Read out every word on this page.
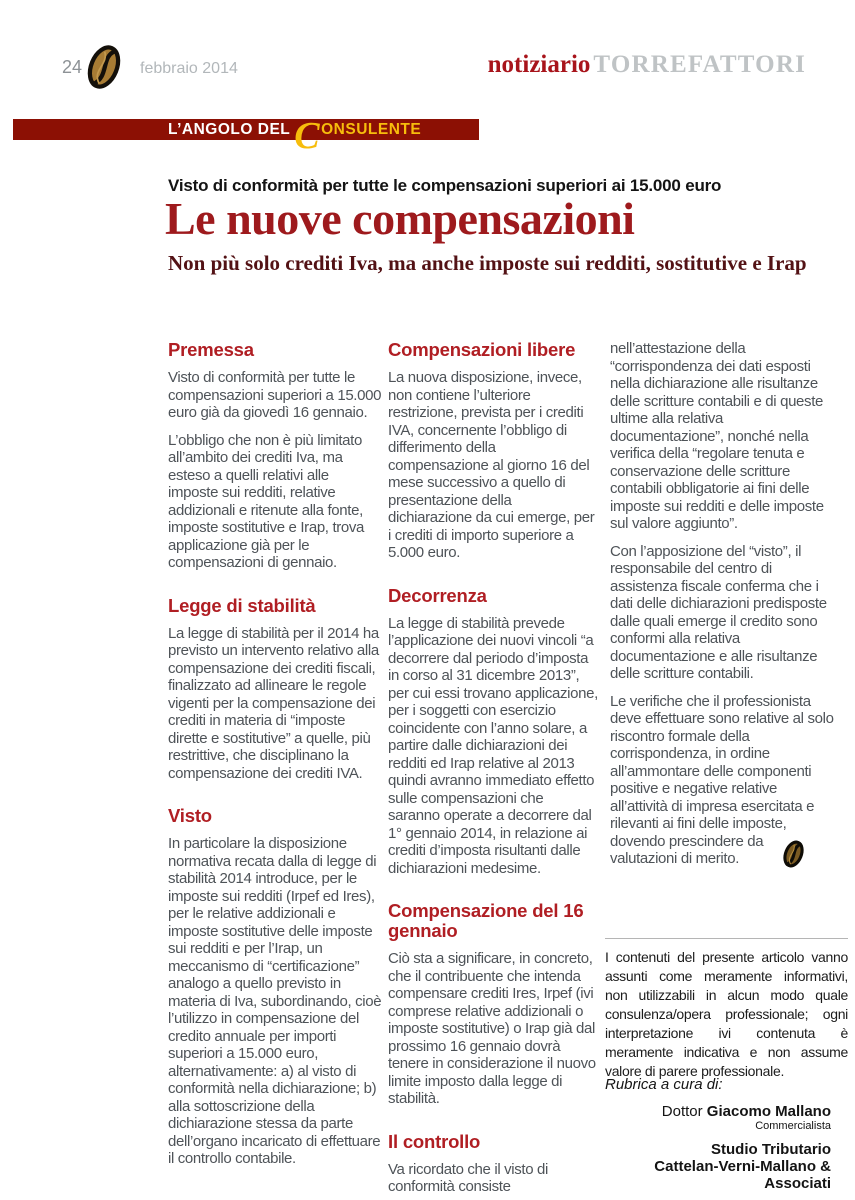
24	febbraio 2014	notiziario TORREFATTORI
L’ANGOLO DEL C ONSULENTE
Visto di conformità per tutte le compensazioni superiori ai 15.000 euro
Le nuove compensazioni
Non più solo crediti Iva, ma anche imposte sui redditi, sostitutive e Irap
Premessa

Visto di conformità per tutte le compensazioni superiori a 15.000 euro già da giovedì 16 gennaio.

L’obbligo che non è più limitato all’ambito dei crediti Iva, ma esteso a quelli relativi alle imposte sui redditi, relative addizionali e ritenute alla fonte, imposte sostitutive e Irap, trova applicazione già per le compensazioni di gennaio.

Legge di stabilità

La legge di stabilità per il 2014 ha previsto un intervento relativo alla compensazione dei crediti fiscali, finalizzato ad allineare le regole vigenti per la compensazione dei crediti in materia di “imposte dirette e sostitutive” a quelle, più restrittive, che disciplinano la compensazione dei crediti IVA.

Visto

In particolare la disposizione normativa recata dalla di legge di stabilità 2014 introduce, per le imposte sui redditi (Irpef ed Ires), per le relative addizionali e imposte sostitutive delle imposte sui redditi e per l’Irap, un meccanismo di “certificazione” analogo a quello previsto in materia di Iva, subordinando, cioè l’utilizzo in compensazione del credito annuale per importi superiori a 15.000 euro, alternativamente: a) al visto di conformità nella dichiarazione; b) alla sottoscrizione della dichiarazione stessa da parte dell’organo incaricato di effettuare il controllo contabile.

Compensazioni libere

La nuova disposizione, invece, non contiene l’ulteriore restrizione, prevista per i crediti IVA, concernente l’obbligo di differimento della compensazione al giorno 16 del mese successivo a quello di presentazione della dichiarazione da cui emerge, per i crediti di importo superiore a 5.000 euro.

Decorrenza

La legge di stabilità prevede l’applicazione dei nuovi vincoli “a decorrere dal periodo d’imposta in corso al 31 dicembre 2013”, per cui essi trovano applicazione, per i soggetti con esercizio coincidente con l’anno solare, a partire dalle dichiarazioni dei redditi ed Irap relative al 2013 quindi avranno immediato effetto sulle compensazioni che saranno operate a decorrere dal 1° gennaio 2014, in relazione ai crediti d’imposta risultanti dalle dichiarazioni medesime.

Compensazione del 16 gennaio

Ciò sta a significare, in concreto, che il contribuente che intenda compensare crediti Ires, Irpef (ivi comprese relative addizionali o imposte sostitutive) o Irap già dal prossimo 16 gennaio dovrà tenere in considerazione il nuovo limite imposto dalla legge di stabilità.

Il controllo

Va ricordato che il visto di conformità consiste

nell’attestazione della “corrispondenza dei dati esposti nella dichiarazione alle risultanze delle scritture contabili e di queste ultime alla relativa documentazione”, nonché nella verifica della “regolare tenuta e conservazione delle scritture contabili obbligatorie ai fini delle imposte sui redditi e delle imposte sul valore aggiunto”.

Con l’apposizione del “visto”, il responsabile del centro di assistenza fiscale conferma che i dati delle dichiarazioni predisposte dalle quali emerge il credito sono conformi alla relativa documentazione e alle risultanze delle scritture contabili.

Le verifiche che il professionista deve effettuare sono relative al solo riscontro formale della corrispondenza, in ordine all’ammontare delle componenti positive e negative relative all’attività di impresa esercitata e rilevanti ai fini delle imposte, dovendo prescindere da valutazioni di merito.

I contenuti del presente articolo vanno assunti come meramente informativi, non utilizzabili in alcun modo quale consulenza/opera professionale; ogni interpretazione ivi contenuta è meramente indicativa e non assume valore di parere professionale.
Rubrica a cura di:
Dottor Giacomo Mallano
Commercialista
Studio Tributario
Cattelan-Verni-Mallano & Associati
